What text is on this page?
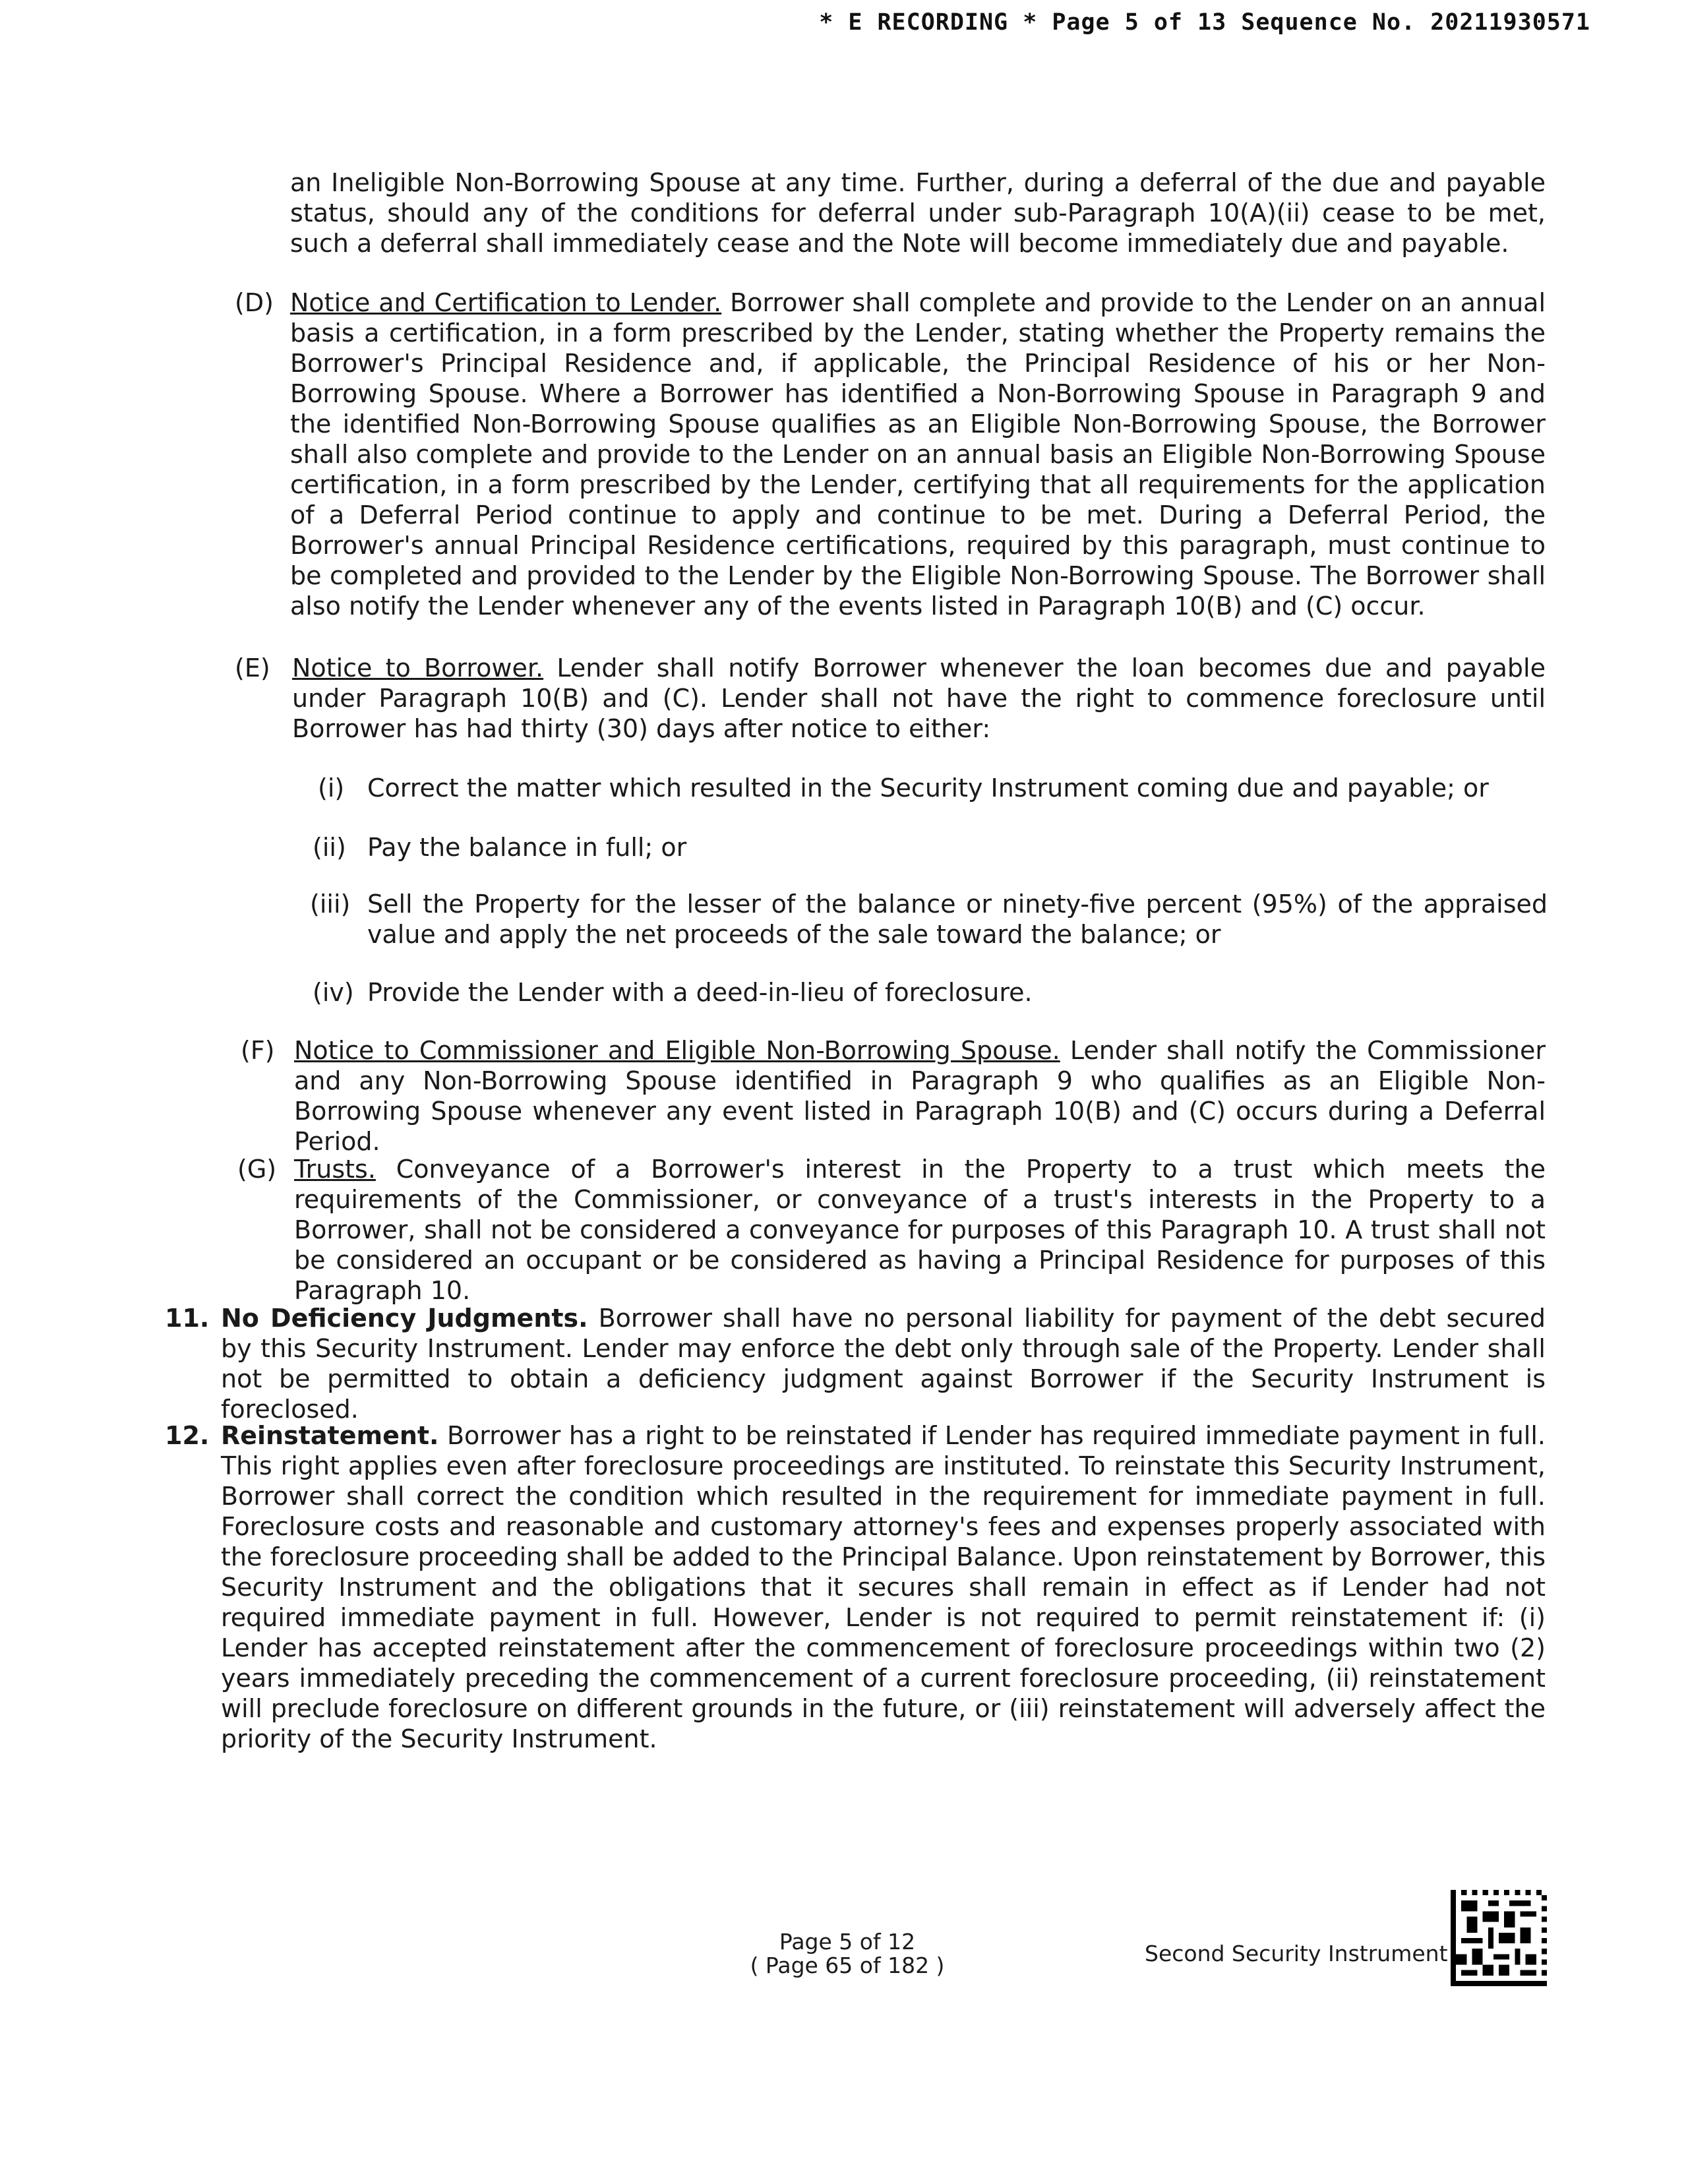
* E RECORDING * Page 5 of 13 Sequence No. 20211930571

an Ineligible Non-Borrowing Spouse at any time. Further, during a deferral of the due and payable status, should any of the conditions for deferral under sub-Paragraph 10(A)(ii) cease to be met, such a deferral shall immediately cease and the Note will become immediately due and payable.

(D) Notice and Certification to Lender. Borrower shall complete and provide to the Lender on an annual basis a certification, in a form prescribed by the Lender, stating whether the Property remains the Borrower's Principal Residence and, if applicable, the Principal Residence of his or her Non-Borrowing Spouse. Where a Borrower has identified a Non-Borrowing Spouse in Paragraph 9 and the identified Non-Borrowing Spouse qualifies as an Eligible Non-Borrowing Spouse, the Borrower shall also complete and provide to the Lender on an annual basis an Eligible Non-Borrowing Spouse certification, in a form prescribed by the Lender, certifying that all requirements for the application of a Deferral Period continue to apply and continue to be met. During a Deferral Period, the Borrower's annual Principal Residence certifications, required by this paragraph, must continue to be completed and provided to the Lender by the Eligible Non-Borrowing Spouse. The Borrower shall also notify the Lender whenever any of the events listed in Paragraph 10(B) and (C) occur.

(E) Notice to Borrower. Lender shall notify Borrower whenever the loan becomes due and payable under Paragraph 10(B) and (C). Lender shall not have the right to commence foreclosure until Borrower has had thirty (30) days after notice to either:

(i) Correct the matter which resulted in the Security Instrument coming due and payable; or

(ii) Pay the balance in full; or

(iii) Sell the Property for the lesser of the balance or ninety-five percent (95%) of the appraised value and apply the net proceeds of the sale toward the balance; or

(iv) Provide the Lender with a deed-in-lieu of foreclosure.

(F) Notice to Commissioner and Eligible Non-Borrowing Spouse. Lender shall notify the Commissioner and any Non-Borrowing Spouse identified in Paragraph 9 who qualifies as an Eligible Non- Borrowing Spouse whenever any event listed in Paragraph 10(B) and (C) occurs during a Deferral Period.

(G) Trusts. Conveyance of a Borrower's interest in the Property to a trust which meets the requirements of the Commissioner, or conveyance of a trust's interests in the Property to a Borrower, shall not be considered a conveyance for purposes of this Paragraph 10. A trust shall not be considered an occupant or be considered as having a Principal Residence for purposes of this Paragraph 10.

11. No Deficiency Judgments. Borrower shall have no personal liability for payment of the debt secured by this Security Instrument. Lender may enforce the debt only through sale of the Property. Lender shall not be permitted to obtain a deficiency judgment against Borrower if the Security Instrument is foreclosed.

12. Reinstatement. Borrower has a right to be reinstated if Lender has required immediate payment in full. This right applies even after foreclosure proceedings are instituted. To reinstate this Security Instrument, Borrower shall correct the condition which resulted in the requirement for immediate payment in full. Foreclosure costs and reasonable and customary attorney's fees and expenses properly associated with the foreclosure proceeding shall be added to the Principal Balance. Upon reinstatement by Borrower, this Security Instrument and the obligations that it secures shall remain in effect as if Lender had not required immediate payment in full. However, Lender is not required to permit reinstatement if: (i) Lender has accepted reinstatement after the commencement of foreclosure proceedings within two (2) years immediately preceding the commencement of a current foreclosure proceeding, (ii) reinstatement will preclude foreclosure on different grounds in the future, or (iii) reinstatement will adversely affect the priority of the Security Instrument.

Page 5 of 12
( Page 65 of 182 )	Second Security Instrument
